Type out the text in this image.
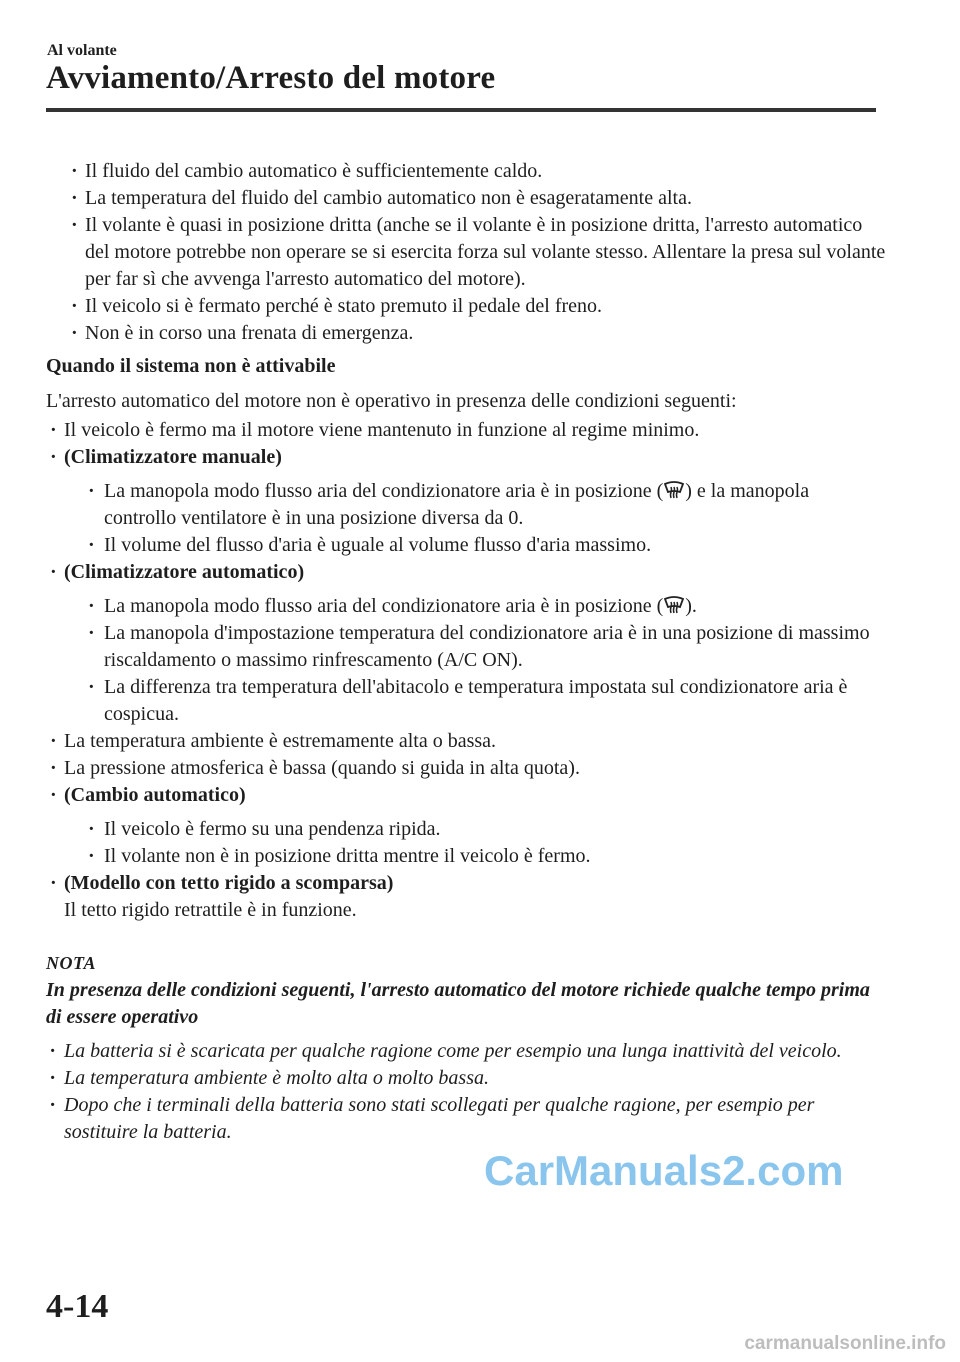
Al volante
Avviamento/Arresto del motore
· Il fluido del cambio automatico è sufficientemente caldo.
· La temperatura del fluido del cambio automatico non è esageratamente alta.
· Il volante è quasi in posizione dritta (anche se il volante è in posizione dritta, l'arresto automatico del motore potrebbe non operare se si esercita forza sul volante stesso. Allentare la presa sul volante per far sì che avvenga l'arresto automatico del motore).
· Il veicolo si è fermato perché è stato premuto il pedale del freno.
· Non è in corso una frenata di emergenza.
Quando il sistema non è attivabile
L'arresto automatico del motore non è operativo in presenza delle condizioni seguenti:
· Il veicolo è fermo ma il motore viene mantenuto in funzione al regime minimo.
· (Climatizzatore manuale)
· La manopola modo flusso aria del condizionatore aria è in posizione ( ) e la manopola controllo ventilatore è in una posizione diversa da 0.
· Il volume del flusso d'aria è uguale al volume flusso d'aria massimo.
· (Climatizzatore automatico)
· La manopola modo flusso aria del condizionatore aria è in posizione ( ).
· La manopola d'impostazione temperatura del condizionatore aria è in una posizione di massimo riscaldamento o massimo rinfrescamento (A/C ON).
· La differenza tra temperatura dell'abitacolo e temperatura impostata sul condizionatore aria è cospicua.
· La temperatura ambiente è estremamente alta o bassa.
· La pressione atmosferica è bassa (quando si guida in alta quota).
· (Cambio automatico)
· Il veicolo è fermo su una pendenza ripida.
· Il volante non è in posizione dritta mentre il veicolo è fermo.
· (Modello con tetto rigido a scomparsa)
Il tetto rigido retrattile è in funzione.
NOTA
In presenza delle condizioni seguenti, l'arresto automatico del motore richiede qualche tempo prima di essere operativo
· La batteria si è scaricata per qualche ragione come per esempio una lunga inattività del veicolo.
· La temperatura ambiente è molto alta o molto bassa.
· Dopo che i terminali della batteria sono stati scollegati per qualche ragione, per esempio per sostituire la batteria.
CarManuals2.com
4-14
carmanualsonline.info
